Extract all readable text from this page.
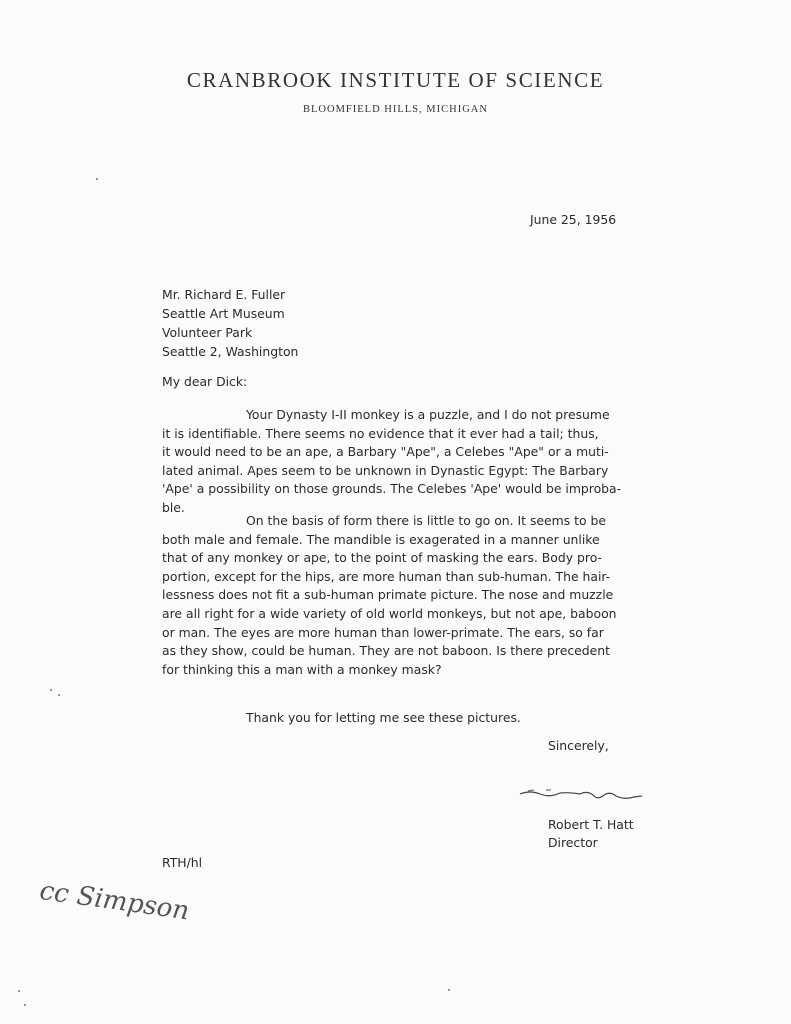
CRANBROOK INSTITUTE OF SCIENCE
BLOOMFIELD HILLS, MICHIGAN
June 25, 1956
Mr. Richard E. Fuller
Seattle Art Museum
Volunteer Park
Seattle 2, Washington
My dear Dick:
Your Dynasty I-II monkey is a puzzle, and I do not presume
it is identifiable. There seems no evidence that it ever had a tail; thus,
it would need to be an ape, a Barbary "Ape", a Celebes "Ape" or a muti-
lated animal. Apes seem to be unknown in Dynastic Egypt: The Barbary
'Ape' a possibility on those grounds. The Celebes 'Ape' would be improba-
ble.
On the basis of form there is little to go on. It seems to be
both male and female. The mandible is exagerated in a manner unlike
that of any monkey or ape, to the point of masking the ears. Body pro-
portion, except for the hips, are more human than sub-human. The hair-
lessness does not fit a sub-human primate picture. The nose and muzzle
are all right for a wide variety of old world monkeys, but not ape, baboon
or man. The eyes are more human than lower-primate. The ears, so far
as they show, could be human. They are not baboon. Is there precedent
for thinking this a man with a monkey mask?
Thank you for letting me see these pictures.
Sincerely,
Robert T. Hatt
Director
RTH/hl
cc Simpson
